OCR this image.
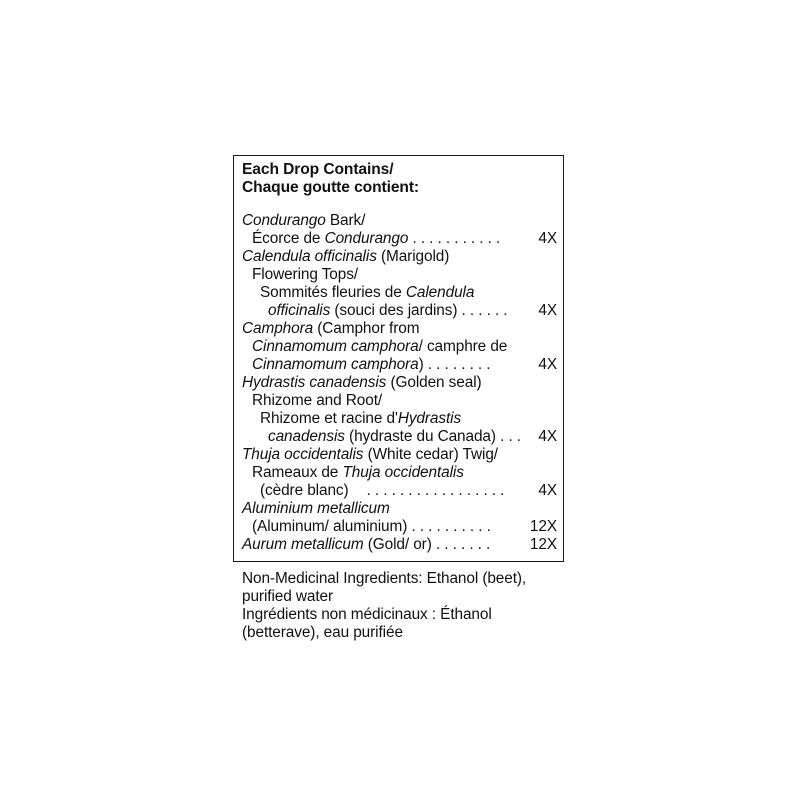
Each Drop Contains/
Chaque goutte contient:
Condurango Bark/
Écorce de Condurango . . . . . . . . . . . 4X
Calendula officinalis (Marigold)
Flowering Tops/
Sommités fleuries de Calendula
officinalis (souci des jardins) . . . . . . 4X
Camphora (Camphor from
Cinnamomum camphora/ camphre de
Cinnamomum camphora) . . . . . . . .	4X
Hydrastis canadensis (Golden seal)
Rhizome and Root/
Rhizome et racine d'Hydrastis
canadensis (hydraste du Canada) . . . 4X
Thuja occidentalis (White cedar) Twig/
Rameaux de Thuja occidentalis
(cèdre blanc) . . . . . . . . . . . . . . . . . 4X
Aluminium metallicum
(Aluminum/ aluminium) . . . . . . . . . .	12X
Aurum metallicum (Gold/ or) . . . . . . .	12X
Non-Medicinal Ingredients: Ethanol (beet),
purified water
Ingrédients non médicinaux : Éthanol
(betterave), eau purifiée
